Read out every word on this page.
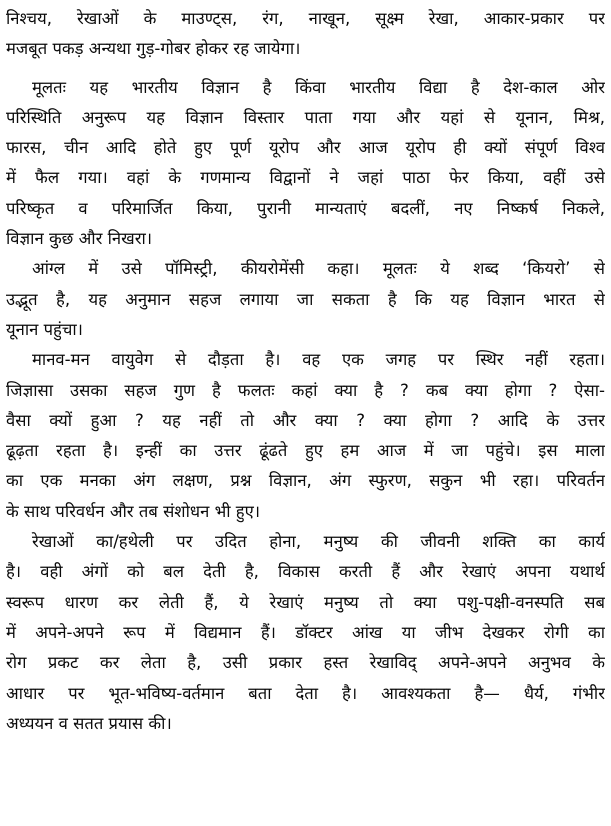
निश्चय, रेखाओं के माउण्ट्स, रंग, नाखून, सूक्ष्म रेखा, आकार-प्रकार पर
मजबूत पकड़ अन्यथा गुड़-गोबर होकर रह जायेगा।
मूलतः यह भारतीय विज्ञान है किंवा भारतीय विद्या है देश-काल ओर
परिस्थिति अनुरूप यह विज्ञान विस्तार पाता गया और यहां से यूनान, मिश्र,
फारस, चीन आदि होते हुए पूर्ण यूरोप और आज यूरोप ही क्यों संपूर्ण विश्व
में फैल गया। वहां के गणमान्य विद्वानों ने जहां पाठा फेर किया, वहीं उसे
परिष्कृत व परिमार्जित किया, पुरानी मान्यताएं बदलीं, नए निष्कर्ष निकले,
विज्ञान कुछ और निखरा।
आंग्ल में उसे पॉमिस्ट्री, कीयरोमेंसी कहा। मूलतः ये शब्द ‘कियरो’ से
उद्भूत है, यह अनुमान सहज लगाया जा सकता है कि यह विज्ञान भारत से
यूनान पहुंचा।
मानव-मन वायुवेग से दौड़ता है। वह एक जगह पर स्थिर नहीं रहता।
जिज्ञासा उसका सहज गुण है फलतः कहां क्या है ? कब क्या होगा ? ऐसा-
वैसा क्यों हुआ ? यह नहीं तो और क्या ? क्या होगा ? आदि के उत्तर
ढूढ़ता रहता है। इन्हीं का उत्तर ढूंढते हुए हम आज में जा पहुंचे। इस माला
का एक मनका अंग लक्षण, प्रश्न विज्ञान, अंग स्फुरण, सकुन भी रहा। परिवर्तन
के साथ परिवर्धन और तब संशोधन भी हुए।
रेखाओं का/हथेली पर उदित होना, मनुष्य की जीवनी शक्ति का कार्य
है। वही अंगों को बल देती है, विकास करती हैं और रेखाएं अपना यथार्थ
स्वरूप धारण कर लेती हैं, ये रेखाएं मनुष्य तो क्या पशु-पक्षी-वनस्पति सब
में अपने-अपने रूप में विद्यमान हैं। डॉक्टर आंख या जीभ देखकर रोगी का
रोग प्रकट कर लेता है, उसी प्रकार हस्त रेखाविद् अपने-अपने अनुभव के
आधार पर भूत-भविष्य-वर्तमान बता देता है। आवश्यकता है— धैर्य, गंभीर
अध्ययन व सतत प्रयास की।
